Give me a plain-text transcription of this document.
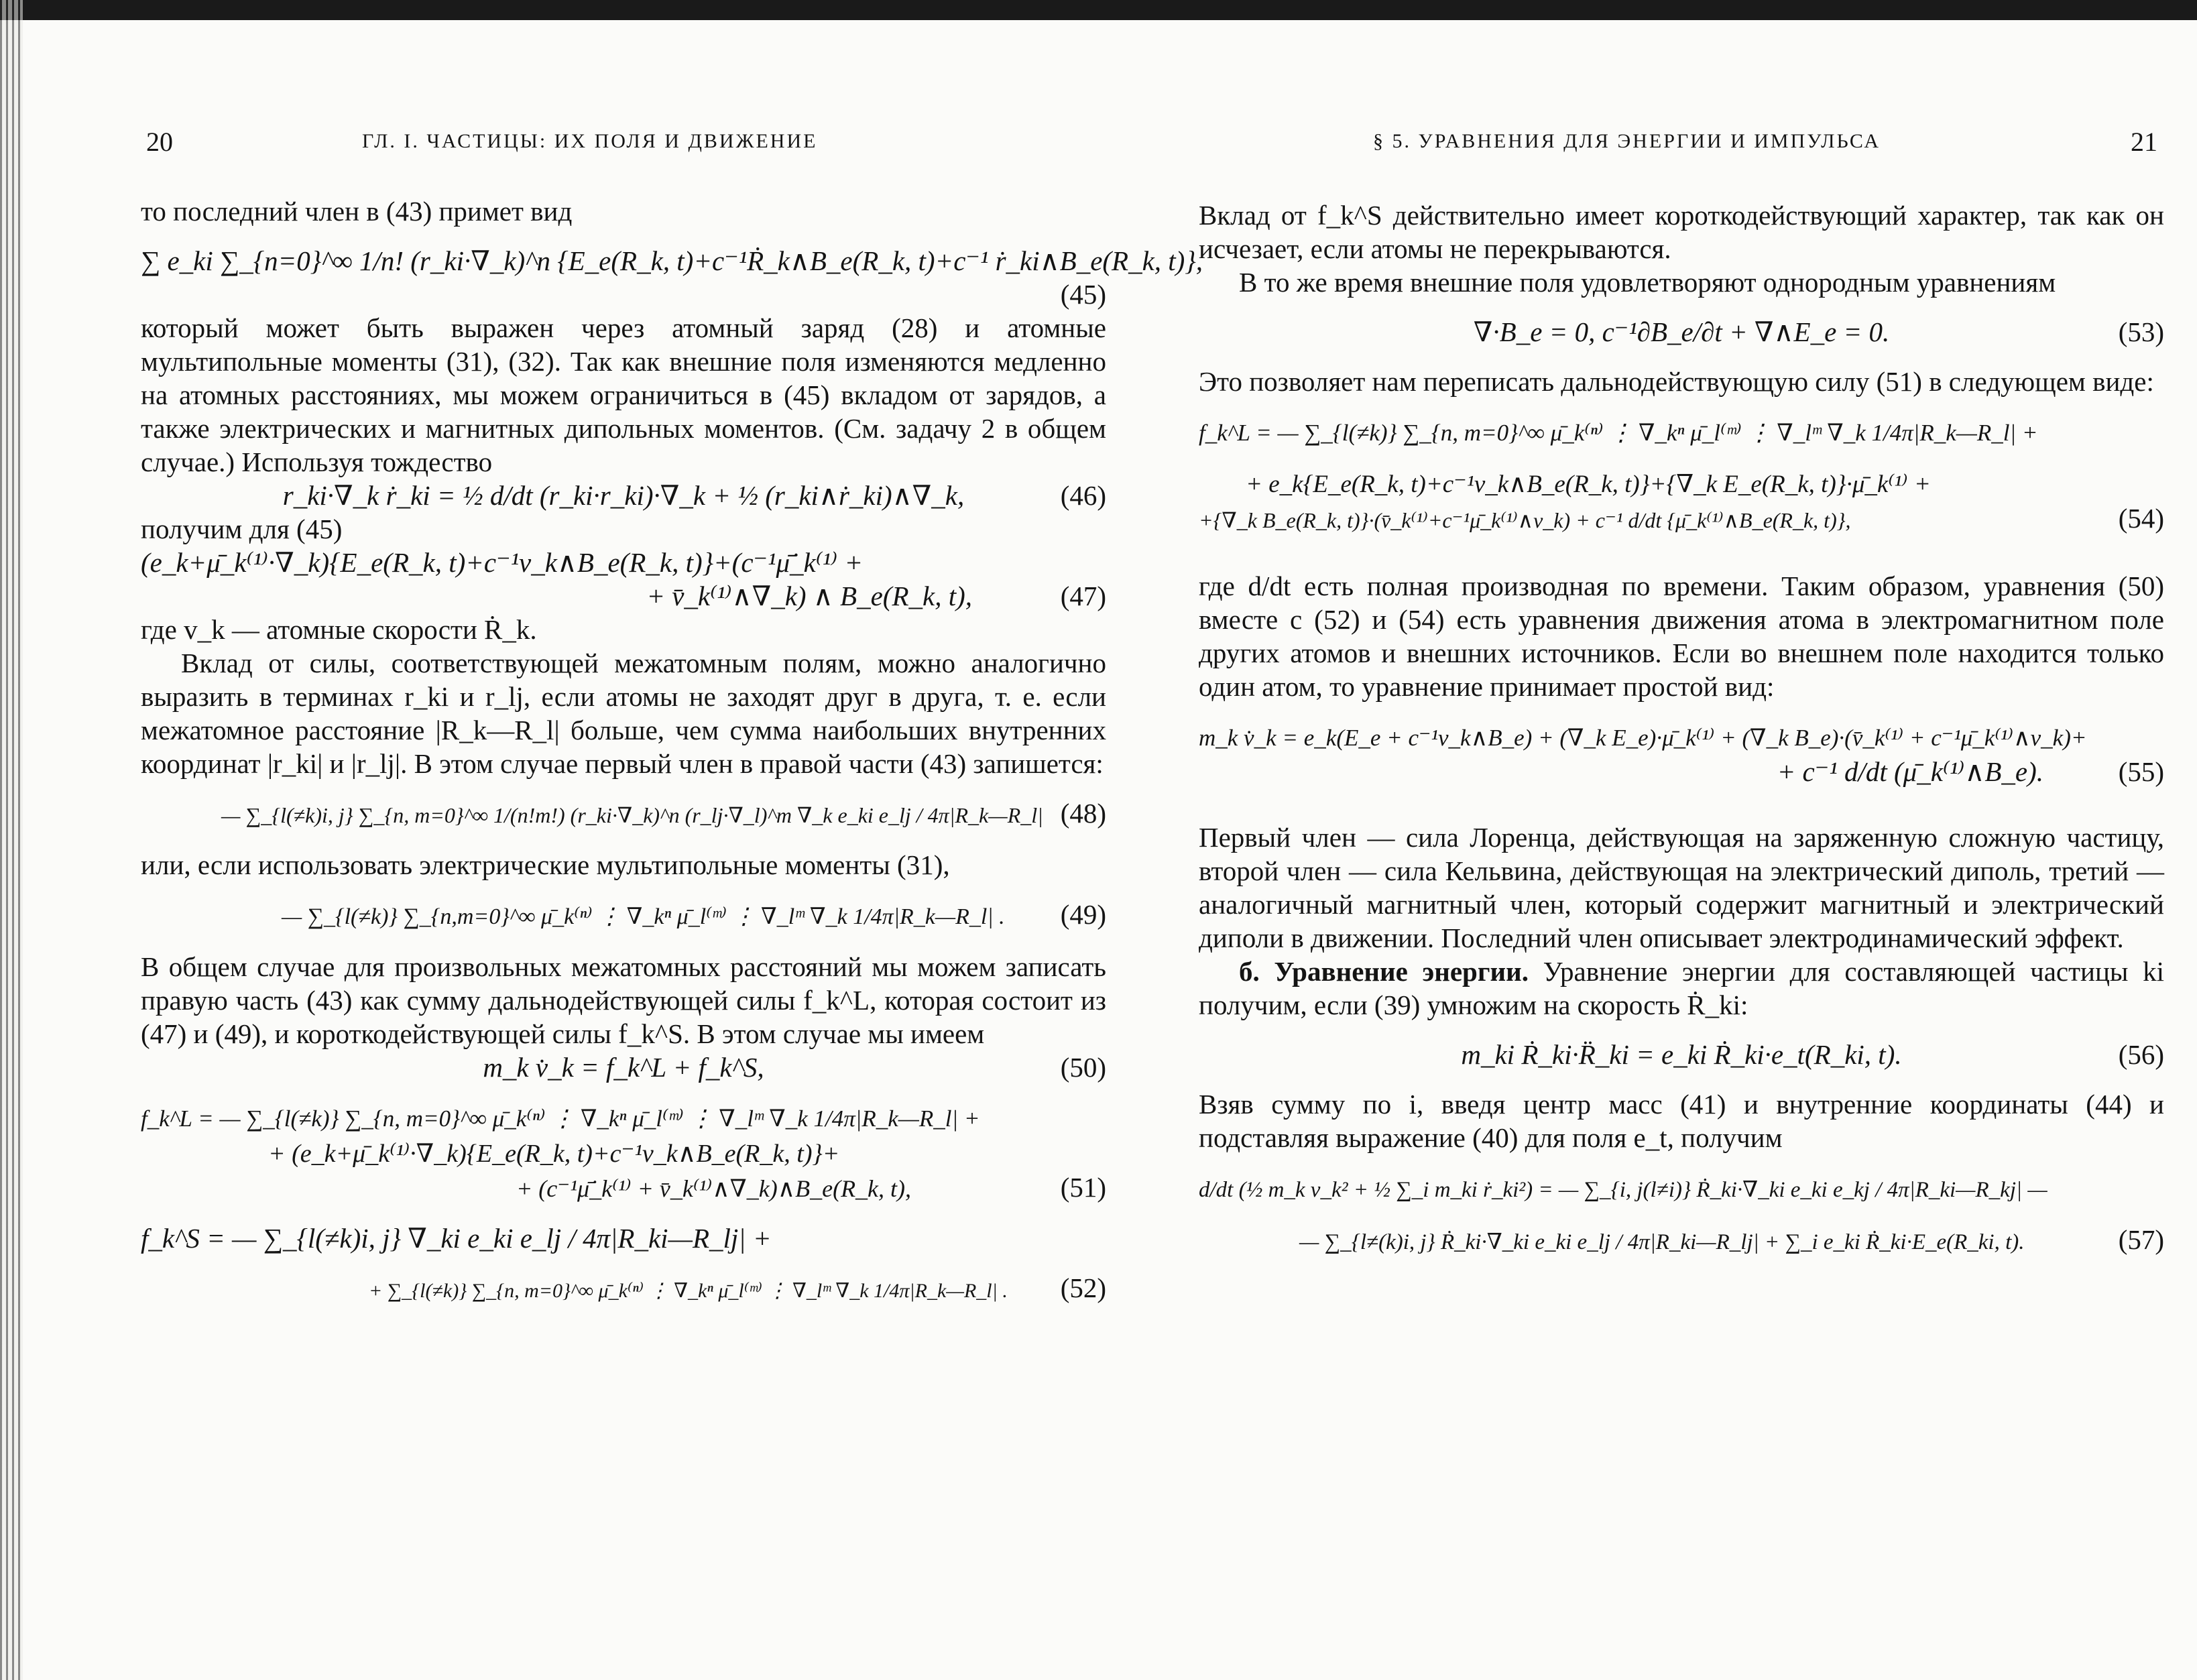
20	ГЛ. I. ЧАСТИЦЫ: ИХ ПОЛЯ И ДВИЖЕНИЕ

то последний член в (43) примет вид

∑ e_ki ∑_{n=0}^∞ 1/n! (r_ki·∇_k)^n {E_e(R_k, t)+c⁻¹Ṙ_k∧B_e(R_k, t)+c⁻¹ ṙ_ki∧B_e(R_k, t)},
(45)

который может быть выражен через атомный заряд (28) и атомные мультипольные моменты (31), (32). Так как внешние поля изменяются медленно на атомных расстояниях, мы можем ограничиться в (45) вкладом от зарядов, а также электрических и магнитных дипольных моментов. (См. задачу 2 в общем случае.) Используя тождество

r_ki·∇_k ṙ_ki = ½ d/dt (r_ki·r_ki)·∇_k + ½ (r_ki∧ṙ_ki)∧∇_k,	(46)

получим для (45)

(e_k+μ̄_k⁽¹⁾·∇_k){E_e(R_k, t)+c⁻¹v_k∧B_e(R_k, t)}+(c⁻¹μ̄̇_k⁽¹⁾ +
+ v̄_k⁽¹⁾∧∇_k) ∧ B_e(R_k, t),	(47)

где v_k — атомные скорости Ṙ_k.

Вклад от силы, соответствующей межатомным полям, можно аналогично выразить в терминах r_ki и r_lj, если атомы не заходят друг в друга, т. е. если межатомное расстояние |R_k—R_l| больше, чем сумма наибольших внутренних координат |r_ki| и |r_lj|. В этом случае первый член в правой части (43) запишется:

— ∑_{l(≠k)i, j} ∑_{n, m=0}^∞ 1/(n!m!) (r_ki·∇_k)^n (r_lj·∇_l)^m ∇_k e_ki e_lj / 4π|R_k—R_l| (48)

или, если использовать электрические мультипольные моменты (31),

— ∑_{l(≠k)} ∑_{n,m=0}^∞ μ̄_k⁽ⁿ⁾ ⋮ ∇_kⁿ μ̄_l⁽ᵐ⁾ ⋮ ∇_lᵐ ∇_k 1/4π|R_k—R_l| . (49)

В общем случае для произвольных межатомных расстояний мы можем записать правую часть (43) как сумму дальнодействующей силы f_k^L, которая состоит из (47) и (49), и короткодействующей силы f_k^S. В этом случае мы имеем

m_k v̇_k = f_k^L + f_k^S,	(50)
f_k^L = — ∑_{l(≠k)} ∑_{n, m=0}^∞ μ̄_k⁽ⁿ⁾ ⋮ ∇_kⁿ μ̄_l⁽ᵐ⁾ ⋮ ∇_lᵐ ∇_k 1/4π|R_k—R_l| +
+ (e_k+μ̄_k⁽¹⁾·∇_k){E_e(R_k, t)+c⁻¹v_k∧B_e(R_k, t)}+
+ (c⁻¹μ̄̇_k⁽¹⁾ + v̄_k⁽¹⁾∧∇_k)∧B_e(R_k, t),	(51)
f_k^S = — ∑_{l(≠k)i, j} ∇_ki e_ki e_lj / 4π|R_ki—R_lj| +
+ ∑_{l(≠k)} ∑_{n, m=0}^∞ μ̄_k⁽ⁿ⁾ ⋮ ∇_kⁿ μ̄_l⁽ᵐ⁾ ⋮ ∇_lᵐ ∇_k 1/4π|R_k—R_l| . (52)
§ 5. УРАВНЕНИЯ ДЛЯ ЭНЕРГИИ И ИМПУЛЬСА	21

Вклад от f_k^S действительно имеет короткодействующий характер, так как он исчезает, если атомы не перекрываются.

В то же время внешние поля удовлетворяют однородным уравнениям

∇·B_e = 0, c⁻¹∂B_e/∂t + ∇∧E_e = 0.	(53)

Это позволяет нам переписать дальнодействующую силу (51) в следующем виде:

f_k^L = — ∑_{l(≠k)} ∑_{n, m=0}^∞ μ̄_k⁽ⁿ⁾ ⋮ ∇_kⁿ μ̄_l⁽ᵐ⁾ ⋮ ∇_lᵐ ∇_k 1/4π|R_k—R_l| +
+ e_k{E_e(R_k, t)+c⁻¹v_k∧B_e(R_k, t)}+{∇_k E_e(R_k, t)}·μ̄_k⁽¹⁾ +
+{∇_k B_e(R_k, t)}·(v̄_k⁽¹⁾+c⁻¹μ̄_k⁽¹⁾∧v_k) + c⁻¹ d/dt {μ̄_k⁽¹⁾∧B_e(R_k, t)},	(54)

где d/dt есть полная производная по времени. Таким образом, уравнения (50) вместе с (52) и (54) есть уравнения движения атома в электромагнитном поле других атомов и внешних источников. Если во внешнем поле находится только один атом, то уравнение принимает простой вид:

m_k v̇_k = e_k(E_e + c⁻¹v_k∧B_e) + (∇_k E_e)·μ̄_k⁽¹⁾ + (∇_k B_e)·(v̄_k⁽¹⁾ + c⁻¹μ̄_k⁽¹⁾∧v_k)+
+ c⁻¹ d/dt (μ̄_k⁽¹⁾∧B_e).	(55)

Первый член — сила Лоренца, действующая на заряженную сложную частицу, второй член — сила Кельвина, действующая на электрический диполь, третий — аналогичный магнитный член, который содержит магнитный и электрический диполи в движении. Последний член описывает электродинамический эффект.

б. Уравнение энергии. Уравнение энергии для составляющей частицы ki получим, если (39) умножим на скорость Ṙ_ki:

m_ki Ṙ_ki·R̈_ki = e_ki Ṙ_ki·e_t(R_ki, t).	(56)

Взяв сумму по i, введя центр масс (41) и внутренние координаты (44) и подставляя выражение (40) для поля e_t, получим

d/dt (½ m_k v_k² + ½ ∑_i m_ki ṙ_ki²) = — ∑_{i, j(l≠i)} Ṙ_ki·∇_ki e_ki e_kj / 4π|R_ki—R_kj| —
— ∑_{l≠(k)i, j} Ṙ_ki·∇_ki e_ki e_lj / 4π|R_ki—R_lj| + ∑_i e_ki Ṙ_ki·E_e(R_ki, t).	(57)
